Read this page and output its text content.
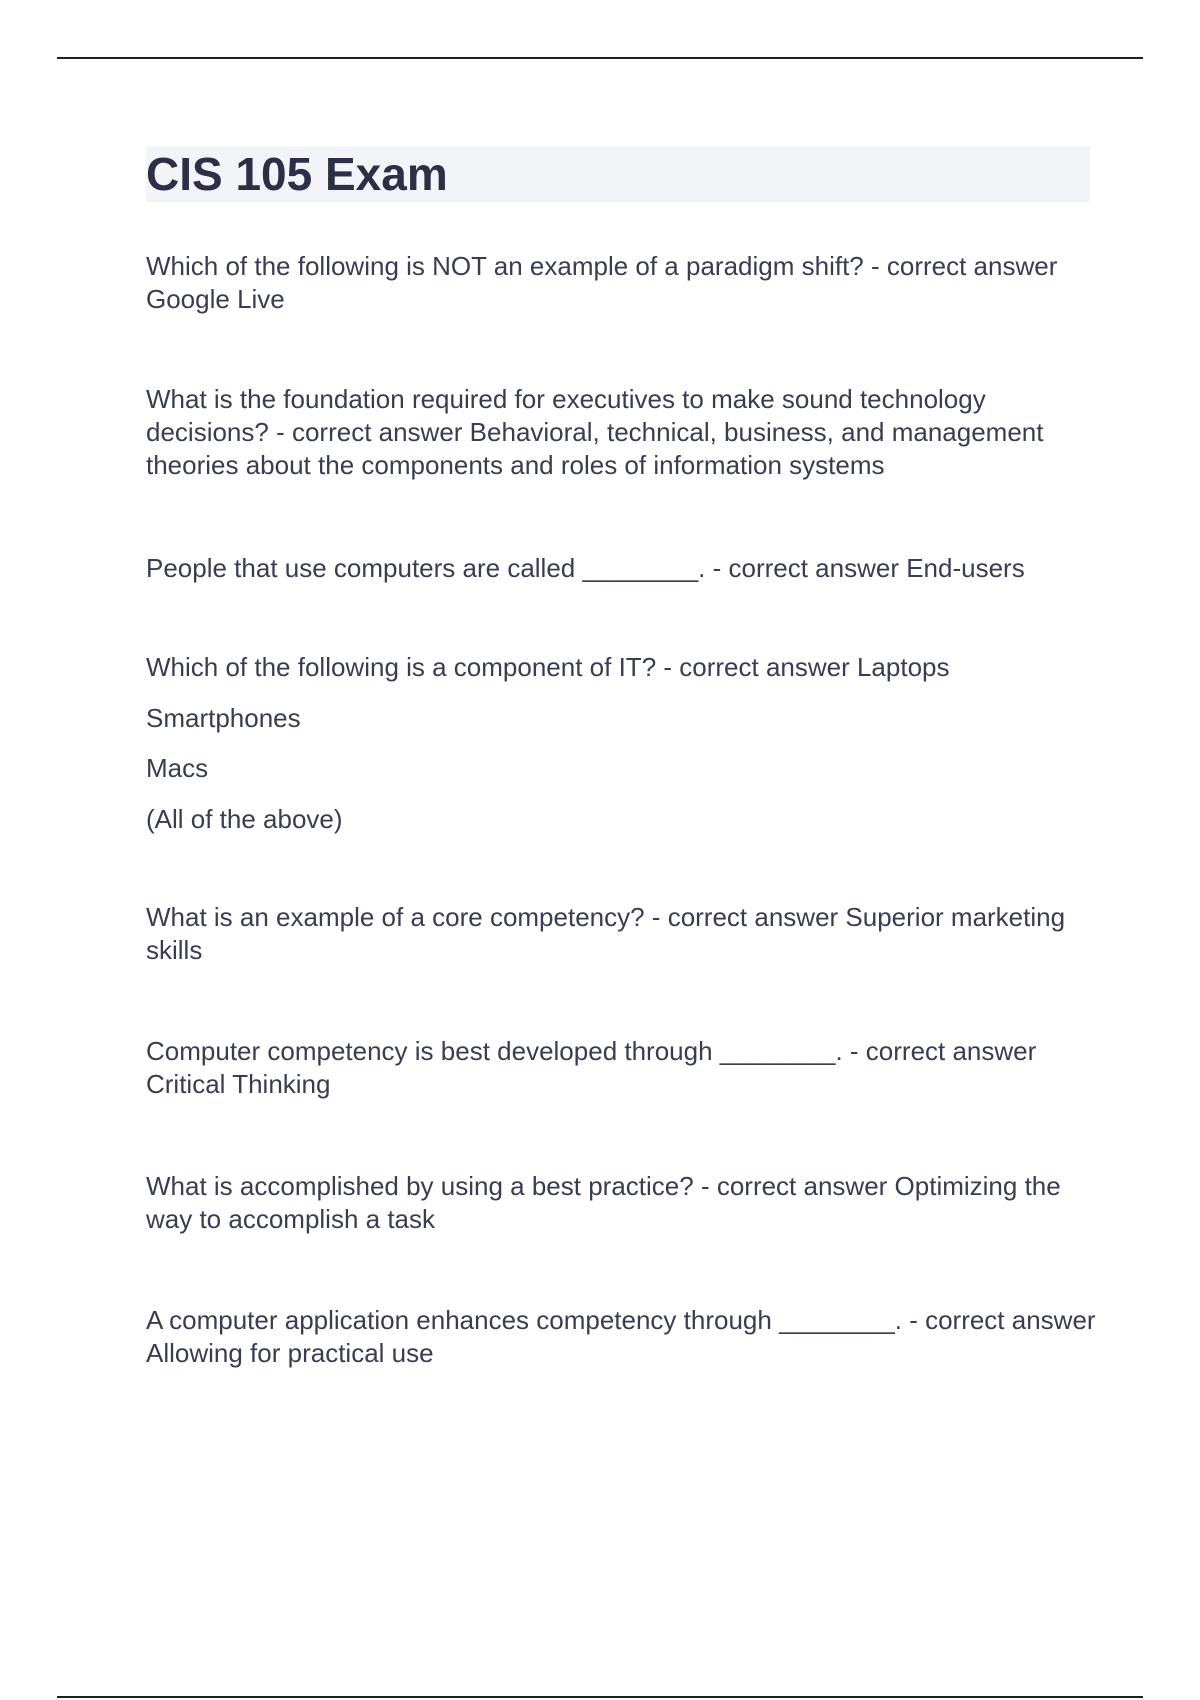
CIS 105 Exam

Which of the following is NOT an example of a paradigm shift? - correct answer Google Live

What is the foundation required for executives to make sound technology decisions? - correct answer Behavioral, technical, business, and management theories about the components and roles of information systems

People that use computers are called ________. - correct answer End-users

Which of the following is a component of IT? - correct answer Laptops

Smartphones

Macs

(All of the above)

What is an example of a core competency? - correct answer Superior marketing skills

Computer competency is best developed through ________. - correct answer Critical Thinking

What is accomplished by using a best practice? - correct answer Optimizing the way to accomplish a task

A computer application enhances competency through ________. - correct answer Allowing for practical use
